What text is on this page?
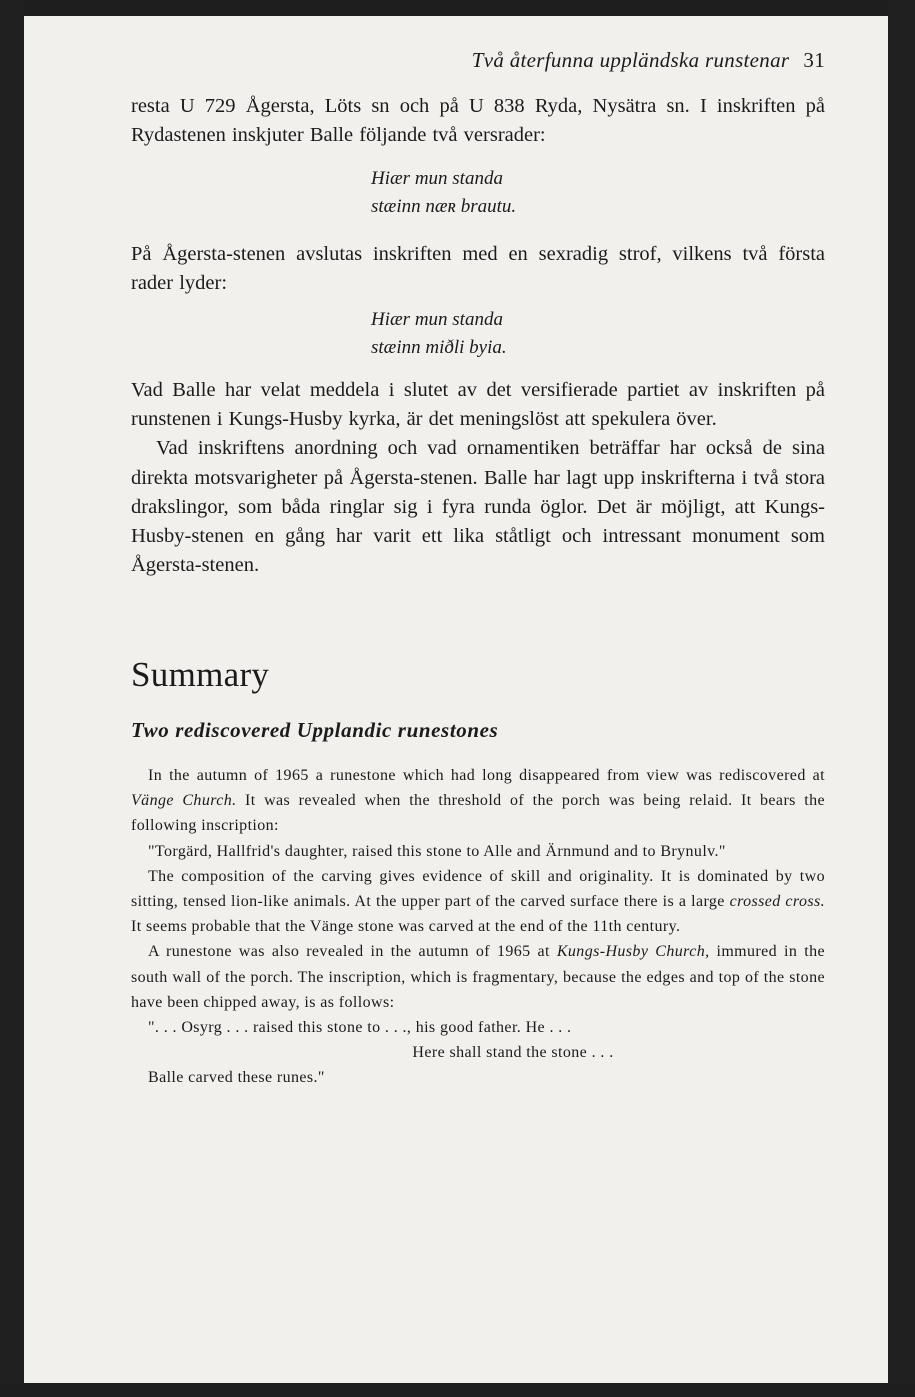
Två återfunna uppländska runstenar 31

resta U 729 Ågersta, Löts sn och på U 838 Ryda, Nysätra sn. I inskriften på Rydastenen inskjuter Balle följande två versrader:

Hiær mun standa
stæinn næʀ brautu.

På Ågersta-stenen avslutas inskriften med en sexradig strof, vilkens två första rader lyder:

Hiær mun standa
stæinn miðli byia.

Vad Balle har velat meddela i slutet av det versifierade partiet av inskriften på runstenen i Kungs-Husby kyrka, är det meningslöst att spekulera över.

Vad inskriftens anordning och vad ornamentiken beträffar har också de sina direkta motsvarigheter på Ågersta-stenen. Balle har lagt upp inskrifterna i två stora drakslingor, som båda ringlar sig i fyra runda öglor. Det är möjligt, att Kungs-Husby-stenen en gång har varit ett lika ståtligt och intressant monument som Ågersta-stenen.

Summary
Two rediscovered Upplandic runestones

In the autumn of 1965 a runestone which had long disappeared from view was rediscovered at Vänge Church. It was revealed when the threshold of the porch was being relaid. It bears the following inscription:

"Torgärd, Hallfrid's daughter, raised this stone to Alle and Ärnmund and to Brynulv."

The composition of the carving gives evidence of skill and originality. It is dominated by two sitting, tensed lion-like animals. At the upper part of the carved surface there is a large crossed cross. It seems probable that the Vänge stone was carved at the end of the 11th century.

A runestone was also revealed in the autumn of 1965 at Kungs-Husby Church, immured in the south wall of the porch. The inscription, which is fragmentary, because the edges and top of the stone have been chipped away, is as follows:

". . . Osyrg . . . raised this stone to . . ., his good father. He . . .

Here shall stand the stone . . .

Balle carved these runes."
